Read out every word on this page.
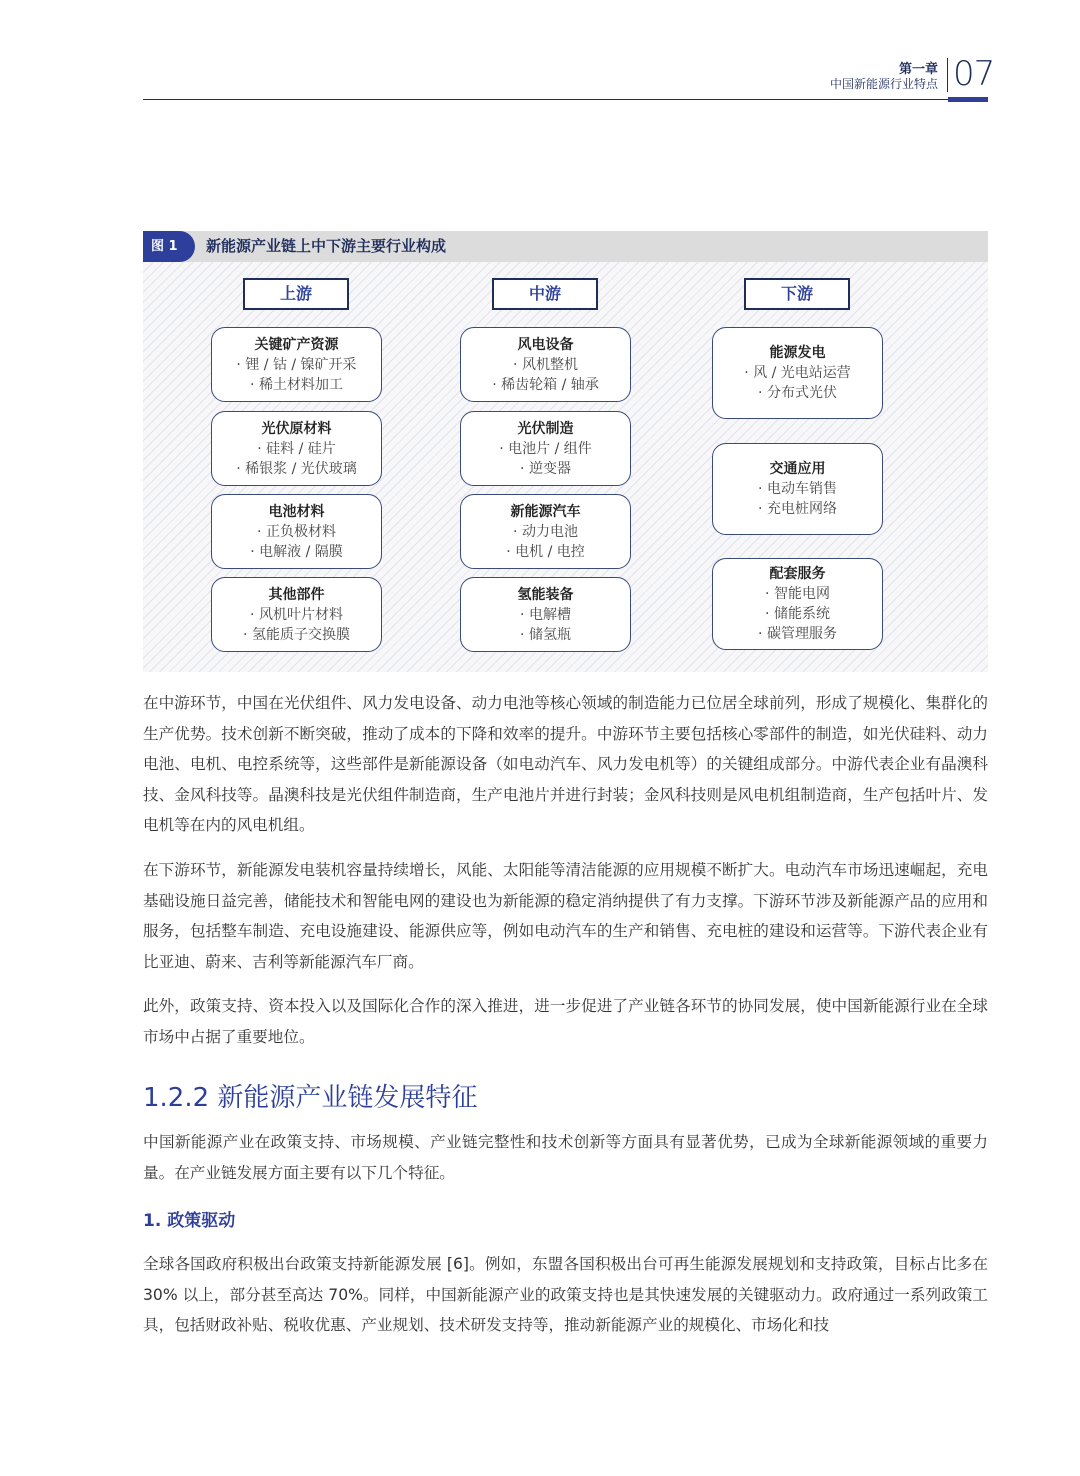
第一章
中国新能源行业特点 07
图 1	新能源产业链上中下游主要行业构成
上游	中游	下游
关键矿产资源
· 锂 / 钴 / 镍矿开采
· 稀土材料加工
光伏原材料
· 硅料 / 硅片
· 稀银浆 / 光伏玻璃
电池材料
· 正负极材料
· 电解液 / 隔膜
其他部件
· 风机叶片材料
· 氢能质子交换膜
风电设备
· 风机整机
· 稀齿轮箱 / 轴承
光伏制造
· 电池片 / 组件
· 逆变器
新能源汽车
· 动力电池
· 电机 / 电控
氢能装备
· 电解槽
· 储氢瓶
能源发电
· 风 / 光电站运营
· 分布式光伏
交通应用
· 电动车销售
· 充电桩网络
配套服务
· 智能电网
· 储能系统
· 碳管理服务
在中游环节，中国在光伏组件、风力发电设备、动力电池等核心领域的制造能力已位居全球前列，形成了规模化、集群化的生产优势。技术创新不断突破，推动了成本的下降和效率的提升。中游环节主要包括核心零部件的制造，如光伏硅料、动力电池、电机、电控系统等，这些部件是新能源设备（如电动汽车、风力发电机等）的关键组成部分。中游代表企业有晶澳科技、金风科技等。晶澳科技是光伏组件制造商，生产电池片并进行封装；金风科技则是风电机组制造商，生产包括叶片、发电机等在内的风电机组。
在下游环节，新能源发电装机容量持续增长，风能、太阳能等清洁能源的应用规模不断扩大。电动汽车市场迅速崛起，充电基础设施日益完善，储能技术和智能电网的建设也为新能源的稳定消纳提供了有力支撑。下游环节涉及新能源产品的应用和服务，包括整车制造、充电设施建设、能源供应等，例如电动汽车的生产和销售、充电桩的建设和运营等。下游代表企业有比亚迪、蔚来、吉利等新能源汽车厂商。
此外，政策支持、资本投入以及国际化合作的深入推进，进一步促进了产业链各环节的协同发展，使中国新能源行业在全球市场中占据了重要地位。
1.2.2 新能源产业链发展特征
中国新能源产业在政策支持、市场规模、产业链完整性和技术创新等方面具有显著优势，已成为全球新能源领域的重要力量。在产业链发展方面主要有以下几个特征。
1. 政策驱动
全球各国政府积极出台政策支持新能源发展 [6]。例如，东盟各国积极出台可再生能源发展规划和支持政策，目标占比多在 30% 以上，部分甚至高达 70%。同样，中国新能源产业的政策支持也是其快速发展的关键驱动力。政府通过一系列政策工具，包括财政补贴、税收优惠、产业规划、技术研发支持等，推动新能源产业的规模化、市场化和技
